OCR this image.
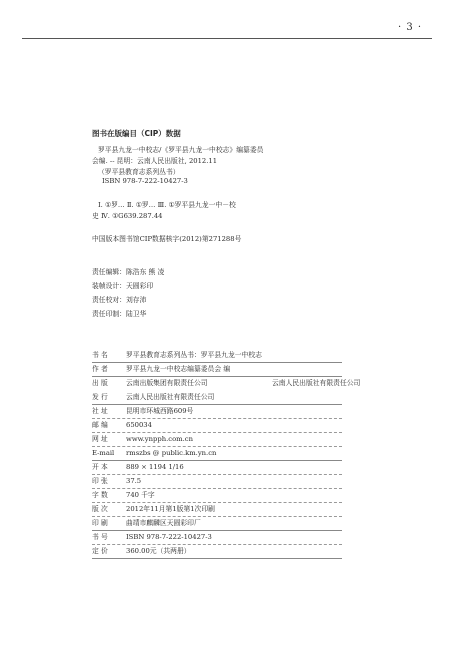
· 3 ·
图书在版编目（CIP）数据
罗平县九龙一中校志/《罗平县九龙一中校志》编纂委员
会编. -- 昆明：云南人民出版社, 2012.11
（罗平县教育志系列丛书）
ISBN 978-7-222-10427-3
Ⅰ. ①罗… Ⅱ. ①罗… Ⅲ. ①罗平县九龙一中－校
史 Ⅳ. ①G639.287.44
中国版本图书馆CIP数据核字(2012)第271288号
责任编辑：陈浩东 熊 凌
装帧设计：天圆彩印
责任校对：刘存沛
责任印制：陆卫华
书 名	罗平县教育志系列丛书：罗平县九龙一中校志
作 者	罗平县九龙一中校志编纂委员会 编
出 版	云南出版集团有限责任公司	云南人民出版社有限责任公司
发 行	云南人民出版社有限责任公司
社 址	昆明市环城西路609号
邮 编	650034
网 址	www.ynpph.com.cn
E-mail rmszbs @ public.km.yn.cn
开 本	889 × 1194 1/16
印 张	37.5
字 数	740 千字
版 次	2012年11月第1版第1次印刷
印 刷	曲靖市麒麟区天圆彩印厂
书 号	ISBN 978-7-222-10427-3
定 价	360.00元（共两册）
